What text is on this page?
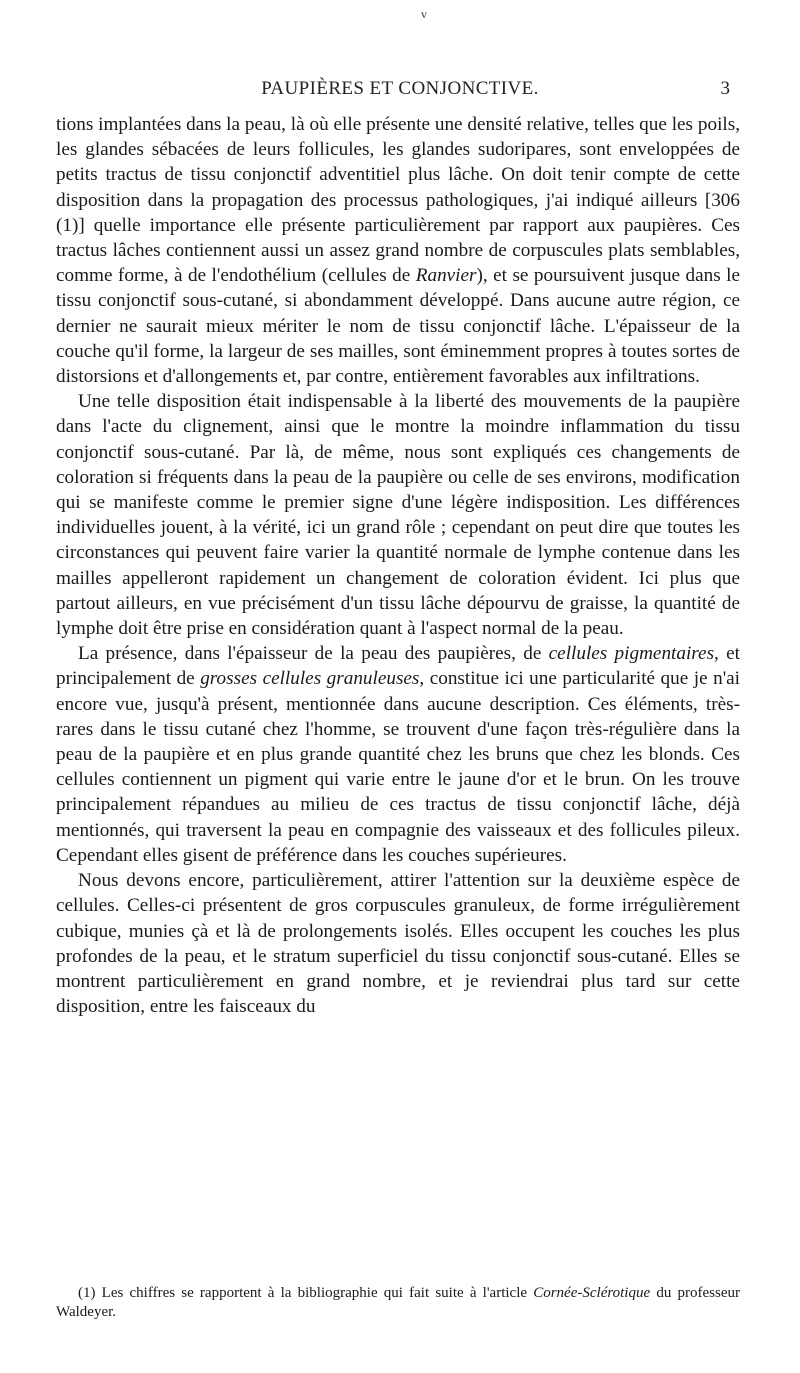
v
PAUPIÈRES ET CONJONCTIVE.	3

tions implantées dans la peau, là où elle présente une densité relative, telles que les poils, les glandes sébacées de leurs follicules, les glandes sudoripares, sont enveloppées de petits tractus de tissu conjonctif adventitiel plus lâche. On doit tenir compte de cette disposition dans la propagation des processus pathologiques, j'ai indiqué ailleurs [306 (1)] quelle importance elle présente particulièrement par rapport aux paupières. Ces tractus lâches contiennent aussi un assez grand nombre de corpuscules plats semblables, comme forme, à de l'endothélium (cellules de Ranvier), et se poursuivent jusque dans le tissu conjonctif sous-cutané, si abondamment développé. Dans aucune autre région, ce dernier ne saurait mieux mériter le nom de tissu conjonctif lâche. L'épaisseur de la couche qu'il forme, la largeur de ses mailles, sont éminemment propres à toutes sortes de distorsions et d'allongements et, par contre, entièrement favorables aux infiltrations.

Une telle disposition était indispensable à la liberté des mouvements de la paupière dans l'acte du clignement, ainsi que le montre la moindre inflammation du tissu conjonctif sous-cutané. Par là, de même, nous sont expliqués ces changements de coloration si fréquents dans la peau de la paupière ou celle de ses environs, modification qui se manifeste comme le premier signe d'une légère indisposition. Les différences individuelles jouent, à la vérité, ici un grand rôle ; cependant on peut dire que toutes les circonstances qui peuvent faire varier la quantité normale de lymphe contenue dans les mailles appelleront rapidement un changement de coloration évident. Ici plus que partout ailleurs, en vue précisément d'un tissu lâche dépourvu de graisse, la quantité de lymphe doit être prise en considération quant à l'aspect normal de la peau.

La présence, dans l'épaisseur de la peau des paupières, de cellules pigmentaires, et principalement de grosses cellules granuleuses, constitue ici une particularité que je n'ai encore vue, jusqu'à présent, mentionnée dans aucune description. Ces éléments, très-rares dans le tissu cutané chez l'homme, se trouvent d'une façon très-régulière dans la peau de la paupière et en plus grande quantité chez les bruns que chez les blonds. Ces cellules contiennent un pigment qui varie entre le jaune d'or et le brun. On les trouve principalement répandues au milieu de ces tractus de tissu conjonctif lâche, déjà mentionnés, qui traversent la peau en compagnie des vaisseaux et des follicules pileux. Cependant elles gisent de préférence dans les couches supérieures.

Nous devons encore, particulièrement, attirer l'attention sur la deuxième espèce de cellules. Celles-ci présentent de gros corpuscules granuleux, de forme irrégulièrement cubique, munies çà et là de prolongements isolés. Elles occupent les couches les plus profondes de la peau, et le stratum superficiel du tissu conjonctif sous-cutané. Elles se montrent particulièrement en grand nombre, et je reviendrai plus tard sur cette disposition, entre les faisceaux du

(1) Les chiffres se rapportent à la bibliographie qui fait suite à l'article Cornée-Sclérotique du professeur Waldeyer.
